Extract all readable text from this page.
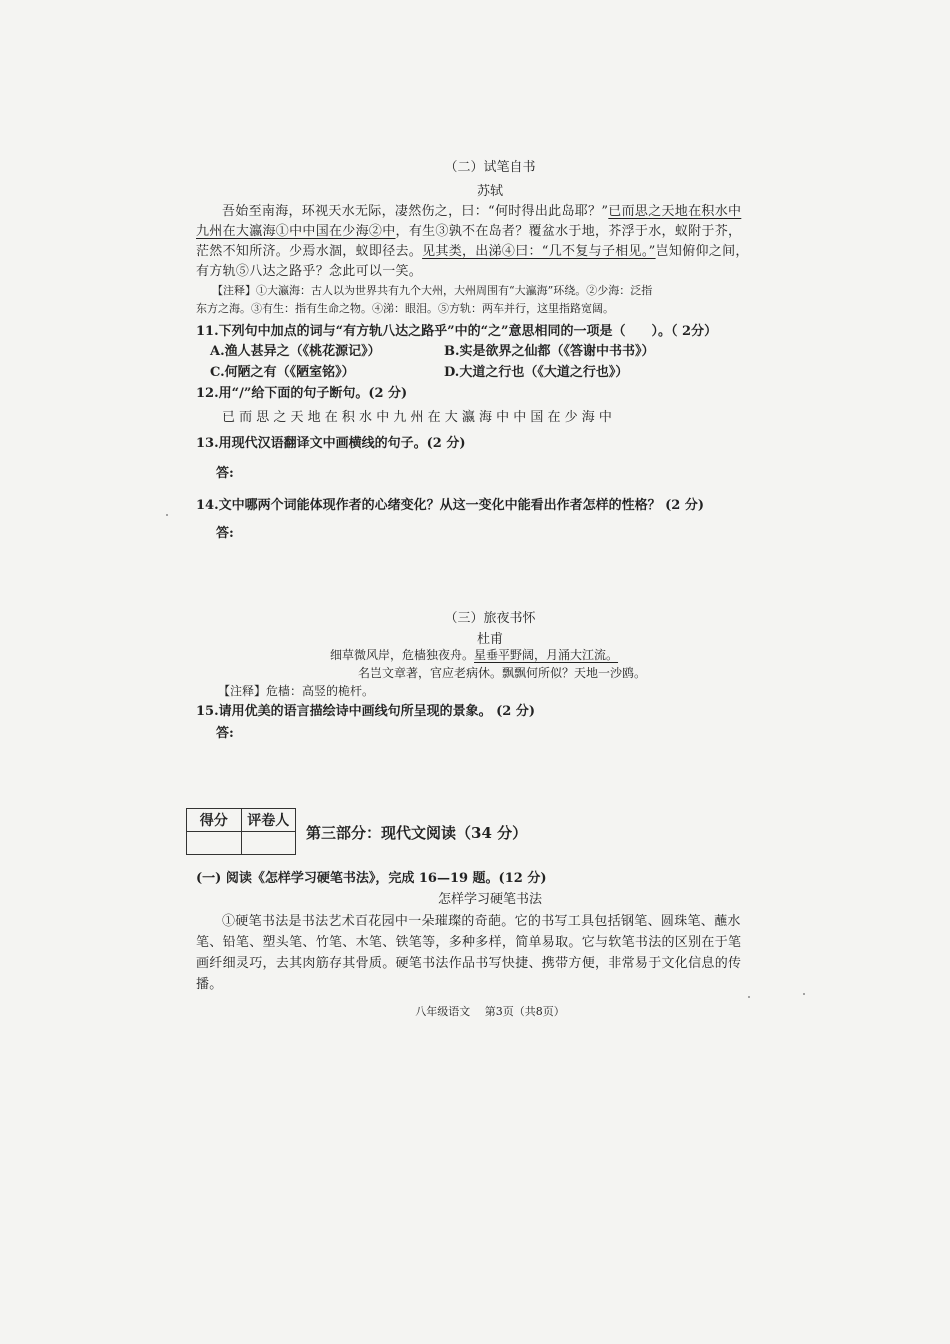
（二）试笔自书
苏轼
吾始至南海，环视天水无际，凄然伤之，曰：“何时得出此岛耶？”已而思之天地在积水中
九州在大瀛海①中中国在少海②中，有生③孰不在岛者？覆盆水于地，芥浮于水，蚁附于芥，
茫然不知所济。少焉水涸，蚁即径去。见其类，出涕④曰：“几不复与子相见。”岂知俯仰之间，
有方轨⑤八达之路乎？念此可以一笑。
【注释】①大瀛海：古人以为世界共有九个大州，大州周围有“大瀛海”环绕。②少海：泛指
东方之海。③有生：指有生命之物。④涕：眼泪。⑤方轨：两车并行，这里指路宽阔。
11.下列句中加点的词与“有方轨八达之路乎”中的“之”意思相同的一项是（　　）。（ 2分）
A.渔人甚异之（《桃花源记》）	B.实是欲界之仙都（《答谢中书书》）
C.何陋之有（《陋室铭》）	D.大道之行也（《大道之行也》）
12.用“/”给下面的句子断句。(2 分)
已 而 思 之 天 地 在 积 水 中 九 州 在 大 瀛 海 中 中 国 在 少 海 中
13.用现代汉语翻译文中画横线的句子。(2 分)
答:
14.文中哪两个词能体现作者的心绪变化？从这一变化中能看出作者怎样的性格？ (2 分)
答:
（三）旅夜书怀
杜甫
细草微风岸，危樯独夜舟。星垂平野阔，月涌大江流。
名岂文章著，官应老病休。飘飘何所似？天地一沙鸥。
【注释】危樯：高竖的桅杆。
15.请用优美的语言描绘诗中画线句所呈现的景象。 (2 分)
答:
得分	评卷人

第三部分：现代文阅读（34 分）
(一) 阅读《怎样学习硬笔书法》，完成 16—19 题。(12 分)
怎样学习硬笔书法
①硬笔书法是书法艺术百花园中一朵璀璨的奇葩。它的书写工具包括钢笔、圆珠笔、蘸水
笔、铅笔、塑头笔、竹笔、木笔、铁笔等，多种多样，简单易取。它与软笔书法的区别在于笔
画纤细灵巧，去其肉筋存其骨质。硬笔书法作品书写快捷、携带方便，非常易于文化信息的传
播。
八年级语文　 第3页（共8页）
